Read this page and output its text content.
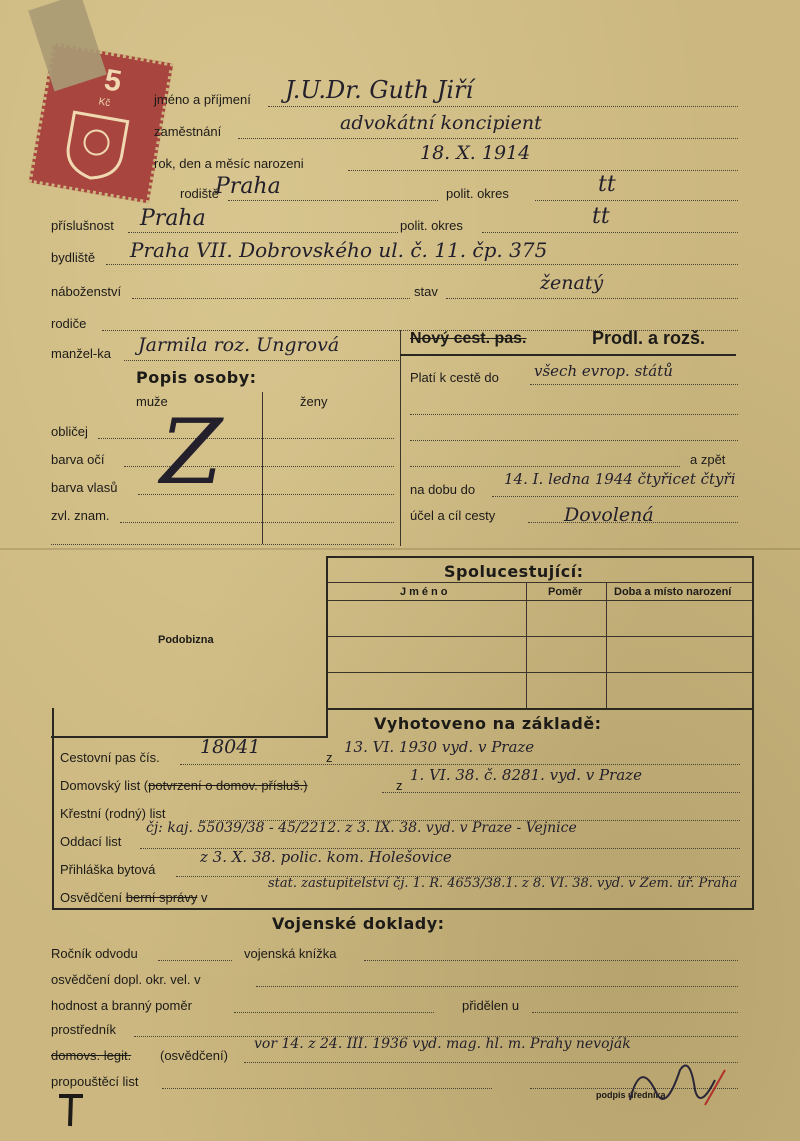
5
Kč	jméno a příjmení J.U.Dr. Guth Jiří
zaměstnání	advokátní koncipient
rok, den a měsíc narozeni	18. X. 1914
rodiště
Praha	polit. okres	tt
příslušnost Praha	polit. okres	tt
bydliště Praha VII. Dobrovského ul. č. 11. čp. 375
náboženství	stav	ženatý
rodiče
manžel-ka Jarmila roz. Ungrová	Nový cest. pas.	Prodl. a rozš.
Platí k cestě do všech evrop. států
a zpět
na dobu do
14. I. ledna 1944 čtyřicet čtyři
účel a cíl cesty	Dovolená
Popis osoby:
muže	ženy
obličej
barva očí
barva vlasů
zvl. znam.
Z
Podobizna
Spolucestující:
Jméno	Poměr	Doba a místo narození
Vyhotoveno na základě:
Cestovní pas čís. 18041	z
13. VI. 1930 vyd. v Praze
Domovský list (potvrzení o domov. přísluš.)	z
1. VI. 38. č. 8281. vyd. v Praze
Křestní (rodný) list
Oddací list
čj: kaj. 55039/38 - 45/2212. z 3. IX. 38. vyd. v Praze - Vejnice
Přihláška bytová
z 3. X. 38. polic. kom. Holešovice
Osvědčení berní správy v
stat. zastupitelství čj. 1. R. 4653/38.1. z 8. VI. 38. vyd. v Zem. úř. Praha
Vojenské doklady:
Ročník odvodu	vojenská knížka
osvědčení dopl. okr. vel. v
hodnost a branný poměr	přidělen u
prostředník
domovs. legit. (osvědčení)
vor 14. z 24. III. 1936 vyd. mag. hl. m. Prahy nevoják
propouštěcí list
podpis úředníka
